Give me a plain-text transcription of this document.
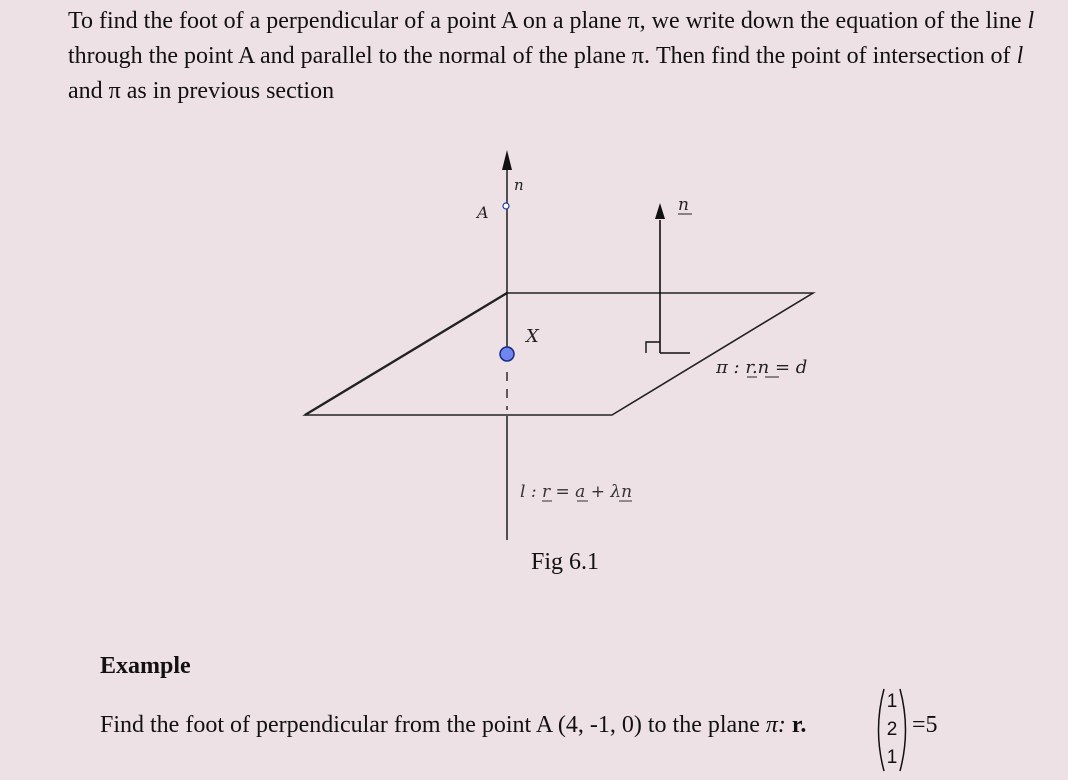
To find the foot of a perpendicular of a point A on a plane π, we write down the equation of the line l through the point A and parallel to the normal of the plane π. Then find the point of intersection of l and π as in previous section

n
A	n
X
π : r.n = d
l : r = a + λn

Fig 6.1

Example

Find the foot of perpendicular from the point A (4, -1, 0) to the plane π: r.

1
2
1

=5
